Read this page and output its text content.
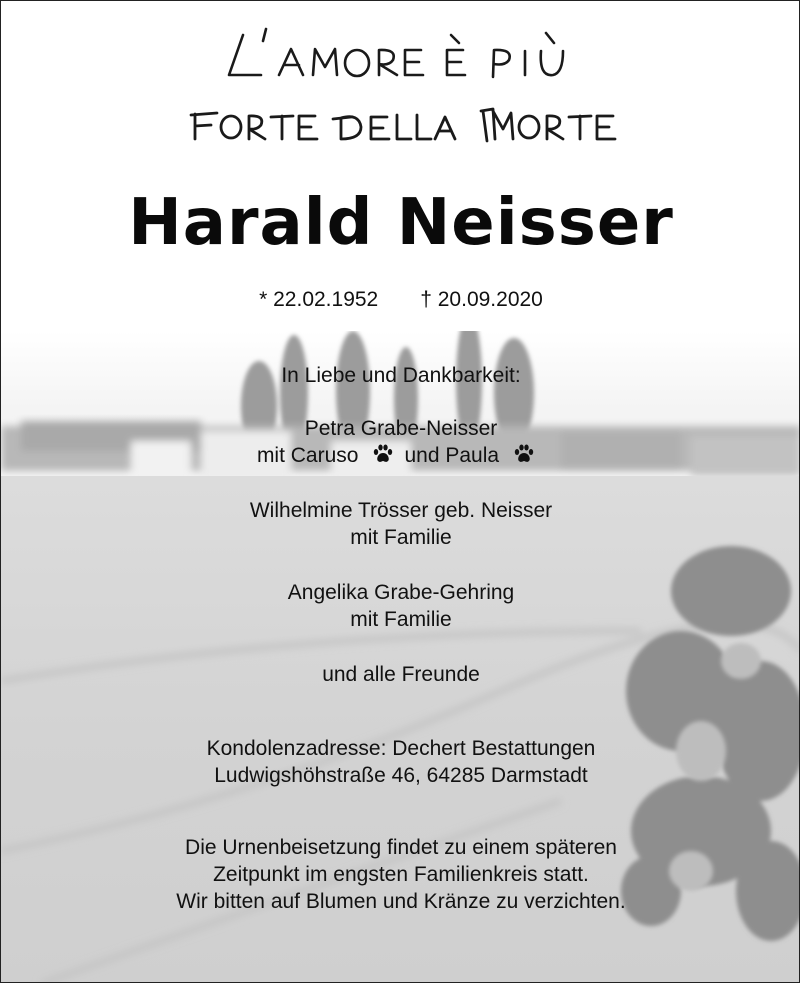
Harald Neisser
* 22.02.1952 † 20.09.2020
In Liebe und Dankbarkeit:
Petra Grabe-Neisser
mit Caruso und Paula
Wilhelmine Trösser geb. Neisser
mit Familie
Angelika Grabe-Gehring
mit Familie
und alle Freunde
Kondolenzadresse: Dechert Bestattungen
Ludwigshöhstraße 46, 64285 Darmstadt
Die Urnenbeisetzung findet zu einem späteren
Zeitpunkt im engsten Familienkreis statt.
Wir bitten auf Blumen und Kränze zu verzichten.
